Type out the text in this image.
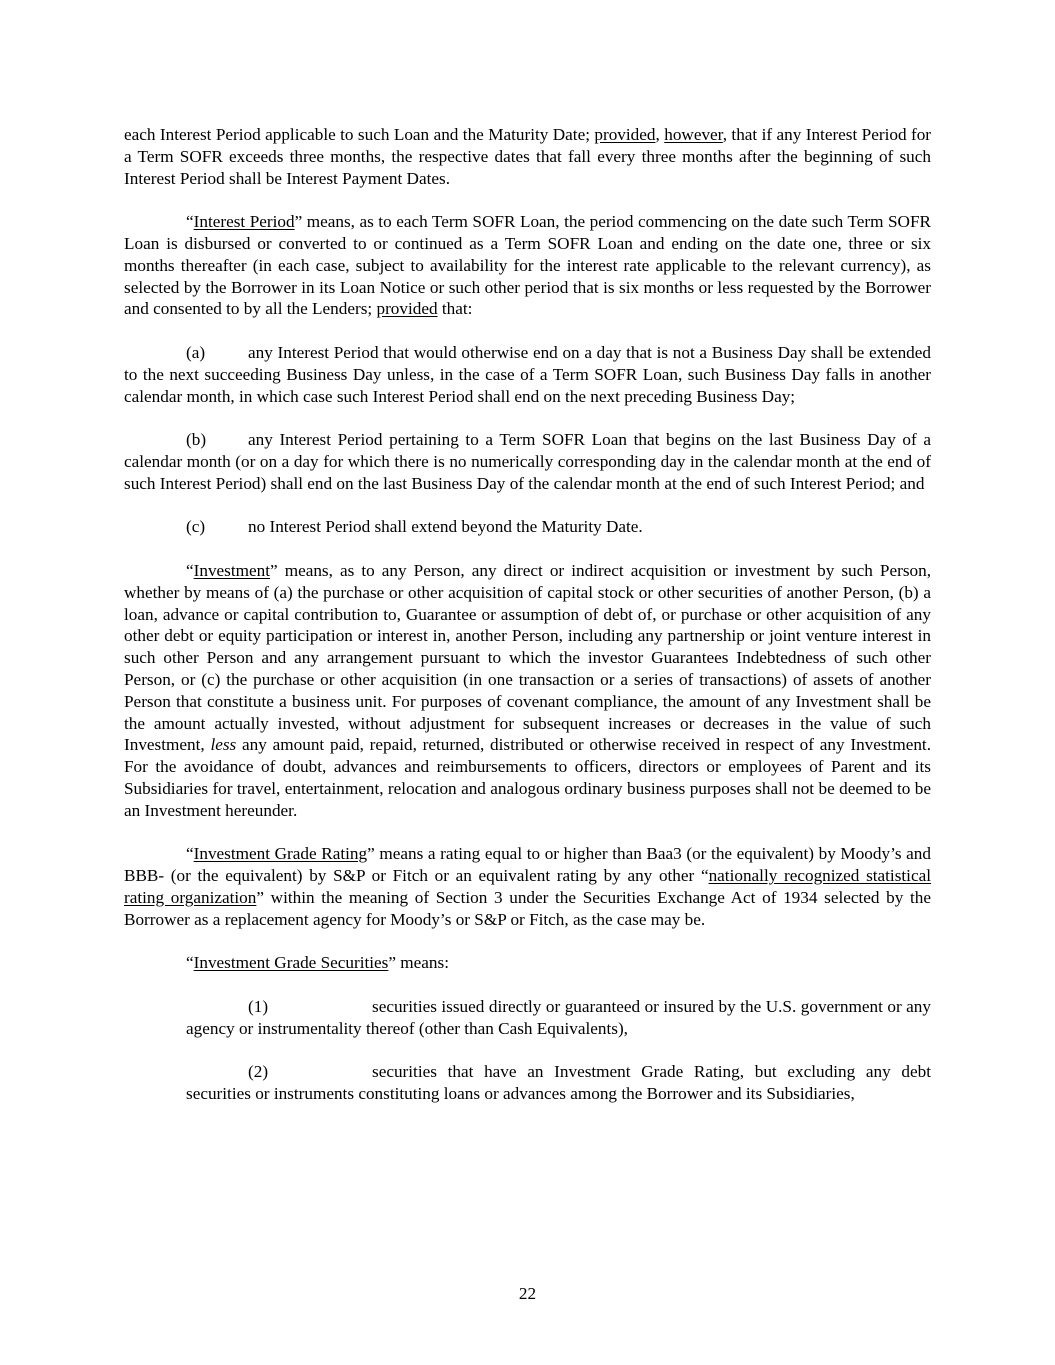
each Interest Period applicable to such Loan and the Maturity Date; provided, however, that if any Interest Period for a Term SOFR exceeds three months, the respective dates that fall every three months after the beginning of such Interest Period shall be Interest Payment Dates.

“Interest Period” means, as to each Term SOFR Loan, the period commencing on the date such Term SOFR Loan is disbursed or converted to or continued as a Term SOFR Loan and ending on the date one, three or six months thereafter (in each case, subject to availability for the interest rate applicable to the relevant currency), as selected by the Borrower in its Loan Notice or such other period that is six months or less requested by the Borrower and consented to by all the Lenders; provided that:

(a) any Interest Period that would otherwise end on a day that is not a Business Day shall be extended to the next succeeding Business Day unless, in the case of a Term SOFR Loan, such Business Day falls in another calendar month, in which case such Interest Period shall end on the next preceding Business Day;

(b) any Interest Period pertaining to a Term SOFR Loan that begins on the last Business Day of a calendar month (or on a day for which there is no numerically corresponding day in the calendar month at the end of such Interest Period) shall end on the last Business Day of the calendar month at the end of such Interest Period; and

(c) no Interest Period shall extend beyond the Maturity Date.

“Investment” means, as to any Person, any direct or indirect acquisition or investment by such Person, whether by means of (a) the purchase or other acquisition of capital stock or other securities of another Person, (b) a loan, advance or capital contribution to, Guarantee or assumption of debt of, or purchase or other acquisition of any other debt or equity participation or interest in, another Person, including any partnership or joint venture interest in such other Person and any arrangement pursuant to which the investor Guarantees Indebtedness of such other Person, or (c) the purchase or other acquisition (in one transaction or a series of transactions) of assets of another Person that constitute a business unit. For purposes of covenant compliance, the amount of any Investment shall be the amount actually invested, without adjustment for subsequent increases or decreases in the value of such Investment, less any amount paid, repaid, returned, distributed or otherwise received in respect of any Investment. For the avoidance of doubt, advances and reimbursements to officers, directors or employees of Parent and its Subsidiaries for travel, entertainment, relocation and analogous ordinary business purposes shall not be deemed to be an Investment hereunder.

“Investment Grade Rating” means a rating equal to or higher than Baa3 (or the equivalent) by Moody’s and BBB- (or the equivalent) by S&P or Fitch or an equivalent rating by any other “nationally recognized statistical rating organization” within the meaning of Section 3 under the Securities Exchange Act of 1934 selected by the Borrower as a replacement agency for Moody’s or S&P or Fitch, as the case may be.

“Investment Grade Securities” means:

(1)	securities issued directly or guaranteed or insured by the U.S. government or any agency or instrumentality thereof (other than Cash Equivalents),

(2)	securities that have an Investment Grade Rating, but excluding any debt securities or instruments constituting loans or advances among the Borrower and its Subsidiaries,

22
